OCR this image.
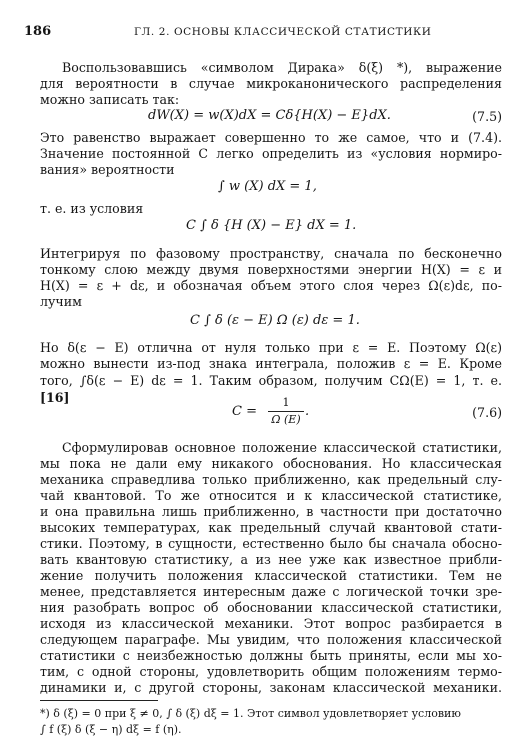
186	ГЛ. 2. ОСНОВЫ КЛАССИЧЕСКОЙ СТАТИСТИКИ
Воспользовавшись «символом Дирака» δ(ξ) *), выражение
для вероятности в случае микроканонического распределения
можно записать так:
dW(X) = w(X)dX = Cδ{H(X) − E}dX.	(7.5)
Это равенство выражает совершенно то же самое, что и (7.4).
Значение постоянной C легко определить из «условия нормиро-
вания» вероятности
∫ w (X) dX = 1,
т. е. из условия
C ∫ δ {H (X) − E} dX = 1.
Интегрируя по фазовому пространству, сначала по бесконечно
тонкому слою между двумя поверхностями энергии H(X) = ε и
H(X) = ε + dε, и обозначая объем этого слоя через Ω(ε)dε, по-
лучим
C ∫ δ (ε − E) Ω (ε) dε = 1.
Но δ(ε − E) отлична от нуля только при ε = E. Поэтому Ω(ε)
можно вынести из-под знака интеграла, положив ε = E. Кроме
того, ∫δ(ε − E) dε = 1. Таким образом, получим CΩ(E) = 1, т. е.
[16]
C =
1
Ω (E)
.	(7.6)
Сформулировав основное положение классической статистики,
мы пока не дали ему никакого обоснования. Но классическая
механика справедлива только приближенно, как предельный слу-
чай квантовой. То же относится и к классической статистике,
и она правильна лишь приближенно, в частности при достаточно
высоких температурах, как предельный случай квантовой стати-
стики. Поэтому, в сущности, естественно было бы сначала обосно-
вать квантовую статистику, а из нее уже как известное прибли-
жение получить положения классической статистики. Тем не
менее, представляется интересным даже с логической точки зре-
ния разобрать вопрос об обосновании классической статистики,
исходя из классической механики. Этот вопрос разбирается в
следующем параграфе. Мы увидим, что положения классической
статистики с неизбежностью должны быть приняты, если мы хо-
тим, с одной стороны, удовлетворить общим положениям термо-
динамики и, с другой стороны, законам классической механики.
*) δ (ξ) = 0 при ξ ≠ 0, ∫ δ (ξ) dξ = 1. Этот символ удовлетворяет условию
∫ f (ξ) δ (ξ − η) dξ = f (η).
